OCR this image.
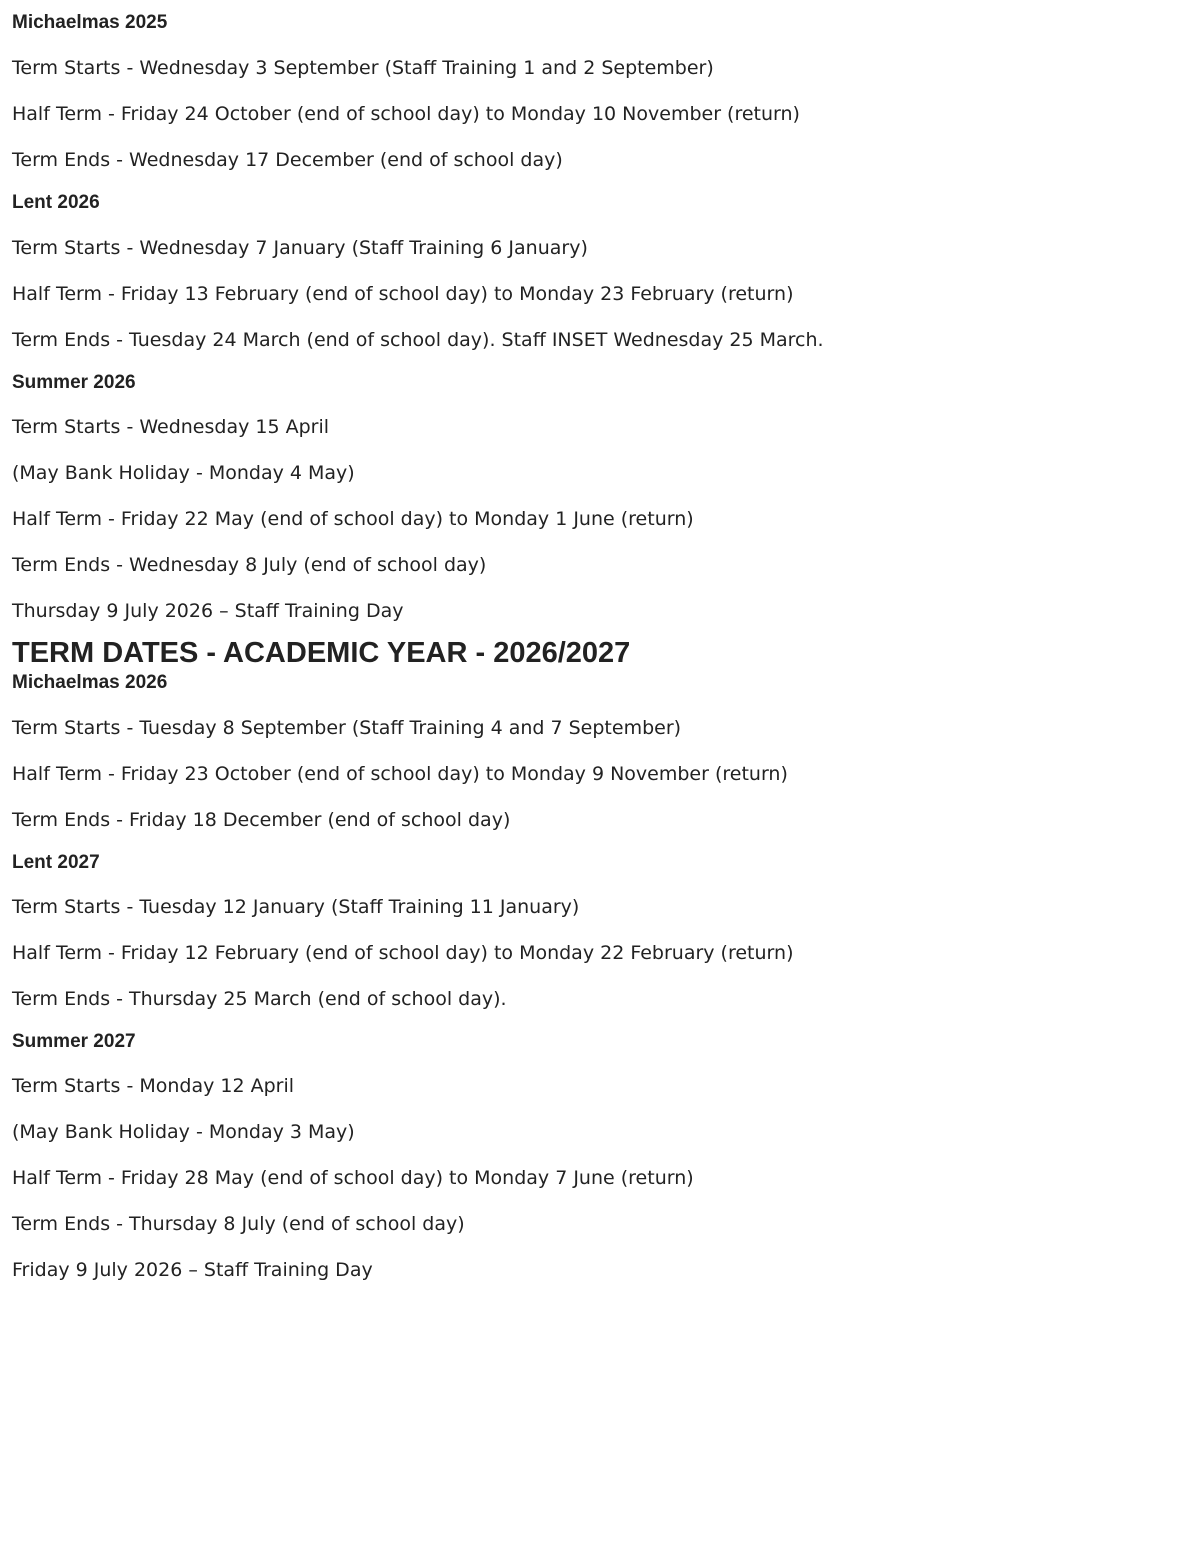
Michaelmas 2025

Term Starts - Wednesday 3 September (Staff Training 1 and 2 September)

Half Term - Friday 24 October (end of school day) to Monday 10 November (return)

Term Ends - Wednesday 17 December (end of school day)

Lent 2026

Term Starts - Wednesday 7 January (Staff Training 6 January)

Half Term - Friday 13 February (end of school day) to Monday 23 February (return)

Term Ends - Tuesday 24 March (end of school day). Staff INSET Wednesday 25 March.

Summer 2026

Term Starts - Wednesday 15 April

(May Bank Holiday - Monday 4 May)

Half Term - Friday 22 May (end of school day) to Monday 1 June (return)

Term Ends - Wednesday 8 July (end of school day)

Thursday 9 July 2026 – Staff Training Day

TERM DATES - ACADEMIC YEAR - 2026/2027
Michaelmas 2026

Term Starts - Tuesday 8 September (Staff Training 4 and 7 September)

Half Term - Friday 23 October (end of school day) to Monday 9 November (return)

Term Ends - Friday 18 December (end of school day)

Lent 2027

Term Starts - Tuesday 12 January (Staff Training 11 January)

Half Term - Friday 12 February (end of school day) to Monday 22 February (return)

Term Ends - Thursday 25 March (end of school day).

Summer 2027

Term Starts - Monday 12 April

(May Bank Holiday - Monday 3 May)

Half Term - Friday 28 May (end of school day) to Monday 7 June (return)

Term Ends - Thursday 8 July (end of school day)

Friday 9 July 2026 – Staff Training Day
